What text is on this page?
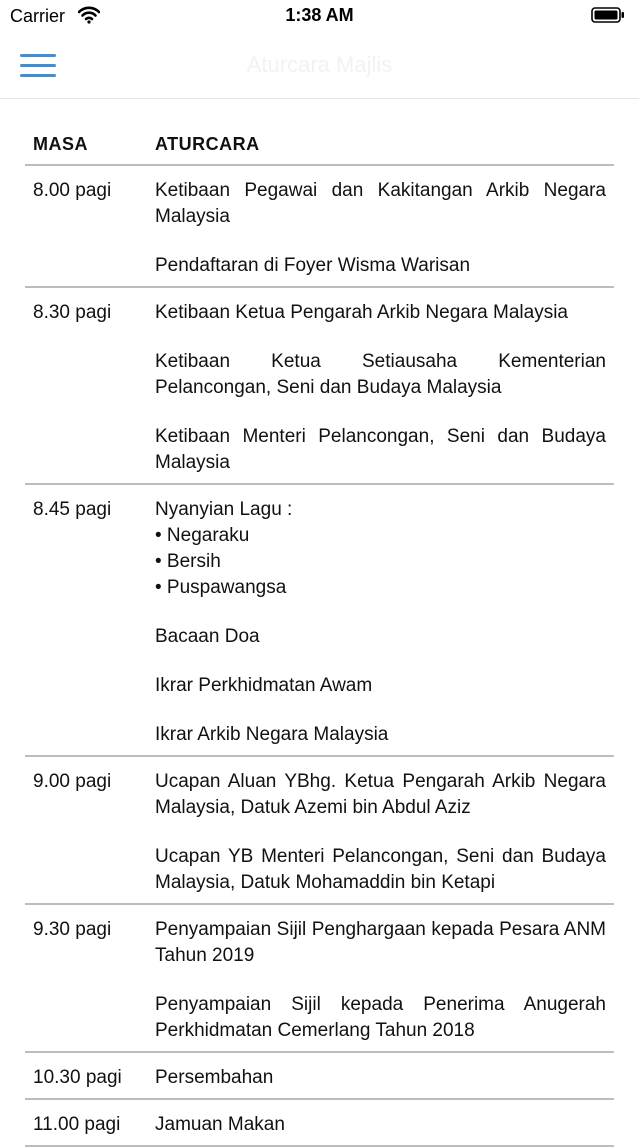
Carrier	1:38 AM
Aturcara Majlis
MASA	ATURCARA
8.00 pagi Ketibaan Pegawai dan Kakitangan Arkib Negara Malaysia
Pendaftaran di Foyer Wisma Warisan
8.30 pagi Ketibaan Ketua Pengarah Arkib Negara Malaysia
Ketibaan Ketua Setiausaha Kementerian Pelancongan, Seni dan Budaya Malaysia
Ketibaan Menteri Pelancongan, Seni dan Budaya Malaysia
8.45 pagi Nyanyian Lagu :
• Negaraku
• Bersih
• Puspawangsa
Bacaan Doa
Ikrar Perkhidmatan Awam
Ikrar Arkib Negara Malaysia
9.00 pagi Ucapan Aluan YBhg. Ketua Pengarah Arkib Negara Malaysia, Datuk Azemi bin Abdul Aziz
Ucapan YB Menteri Pelancongan, Seni dan Budaya Malaysia, Datuk Mohamaddin bin Ketapi
9.30 pagi Penyampaian Sijil Penghargaan kepada Pesara ANM Tahun 2019
Penyampaian Sijil kepada Penerima Anugerah Perkhidmatan Cemerlang Tahun 2018
10.30 pagi Persembahan
11.00 pagi Jamuan Makan
